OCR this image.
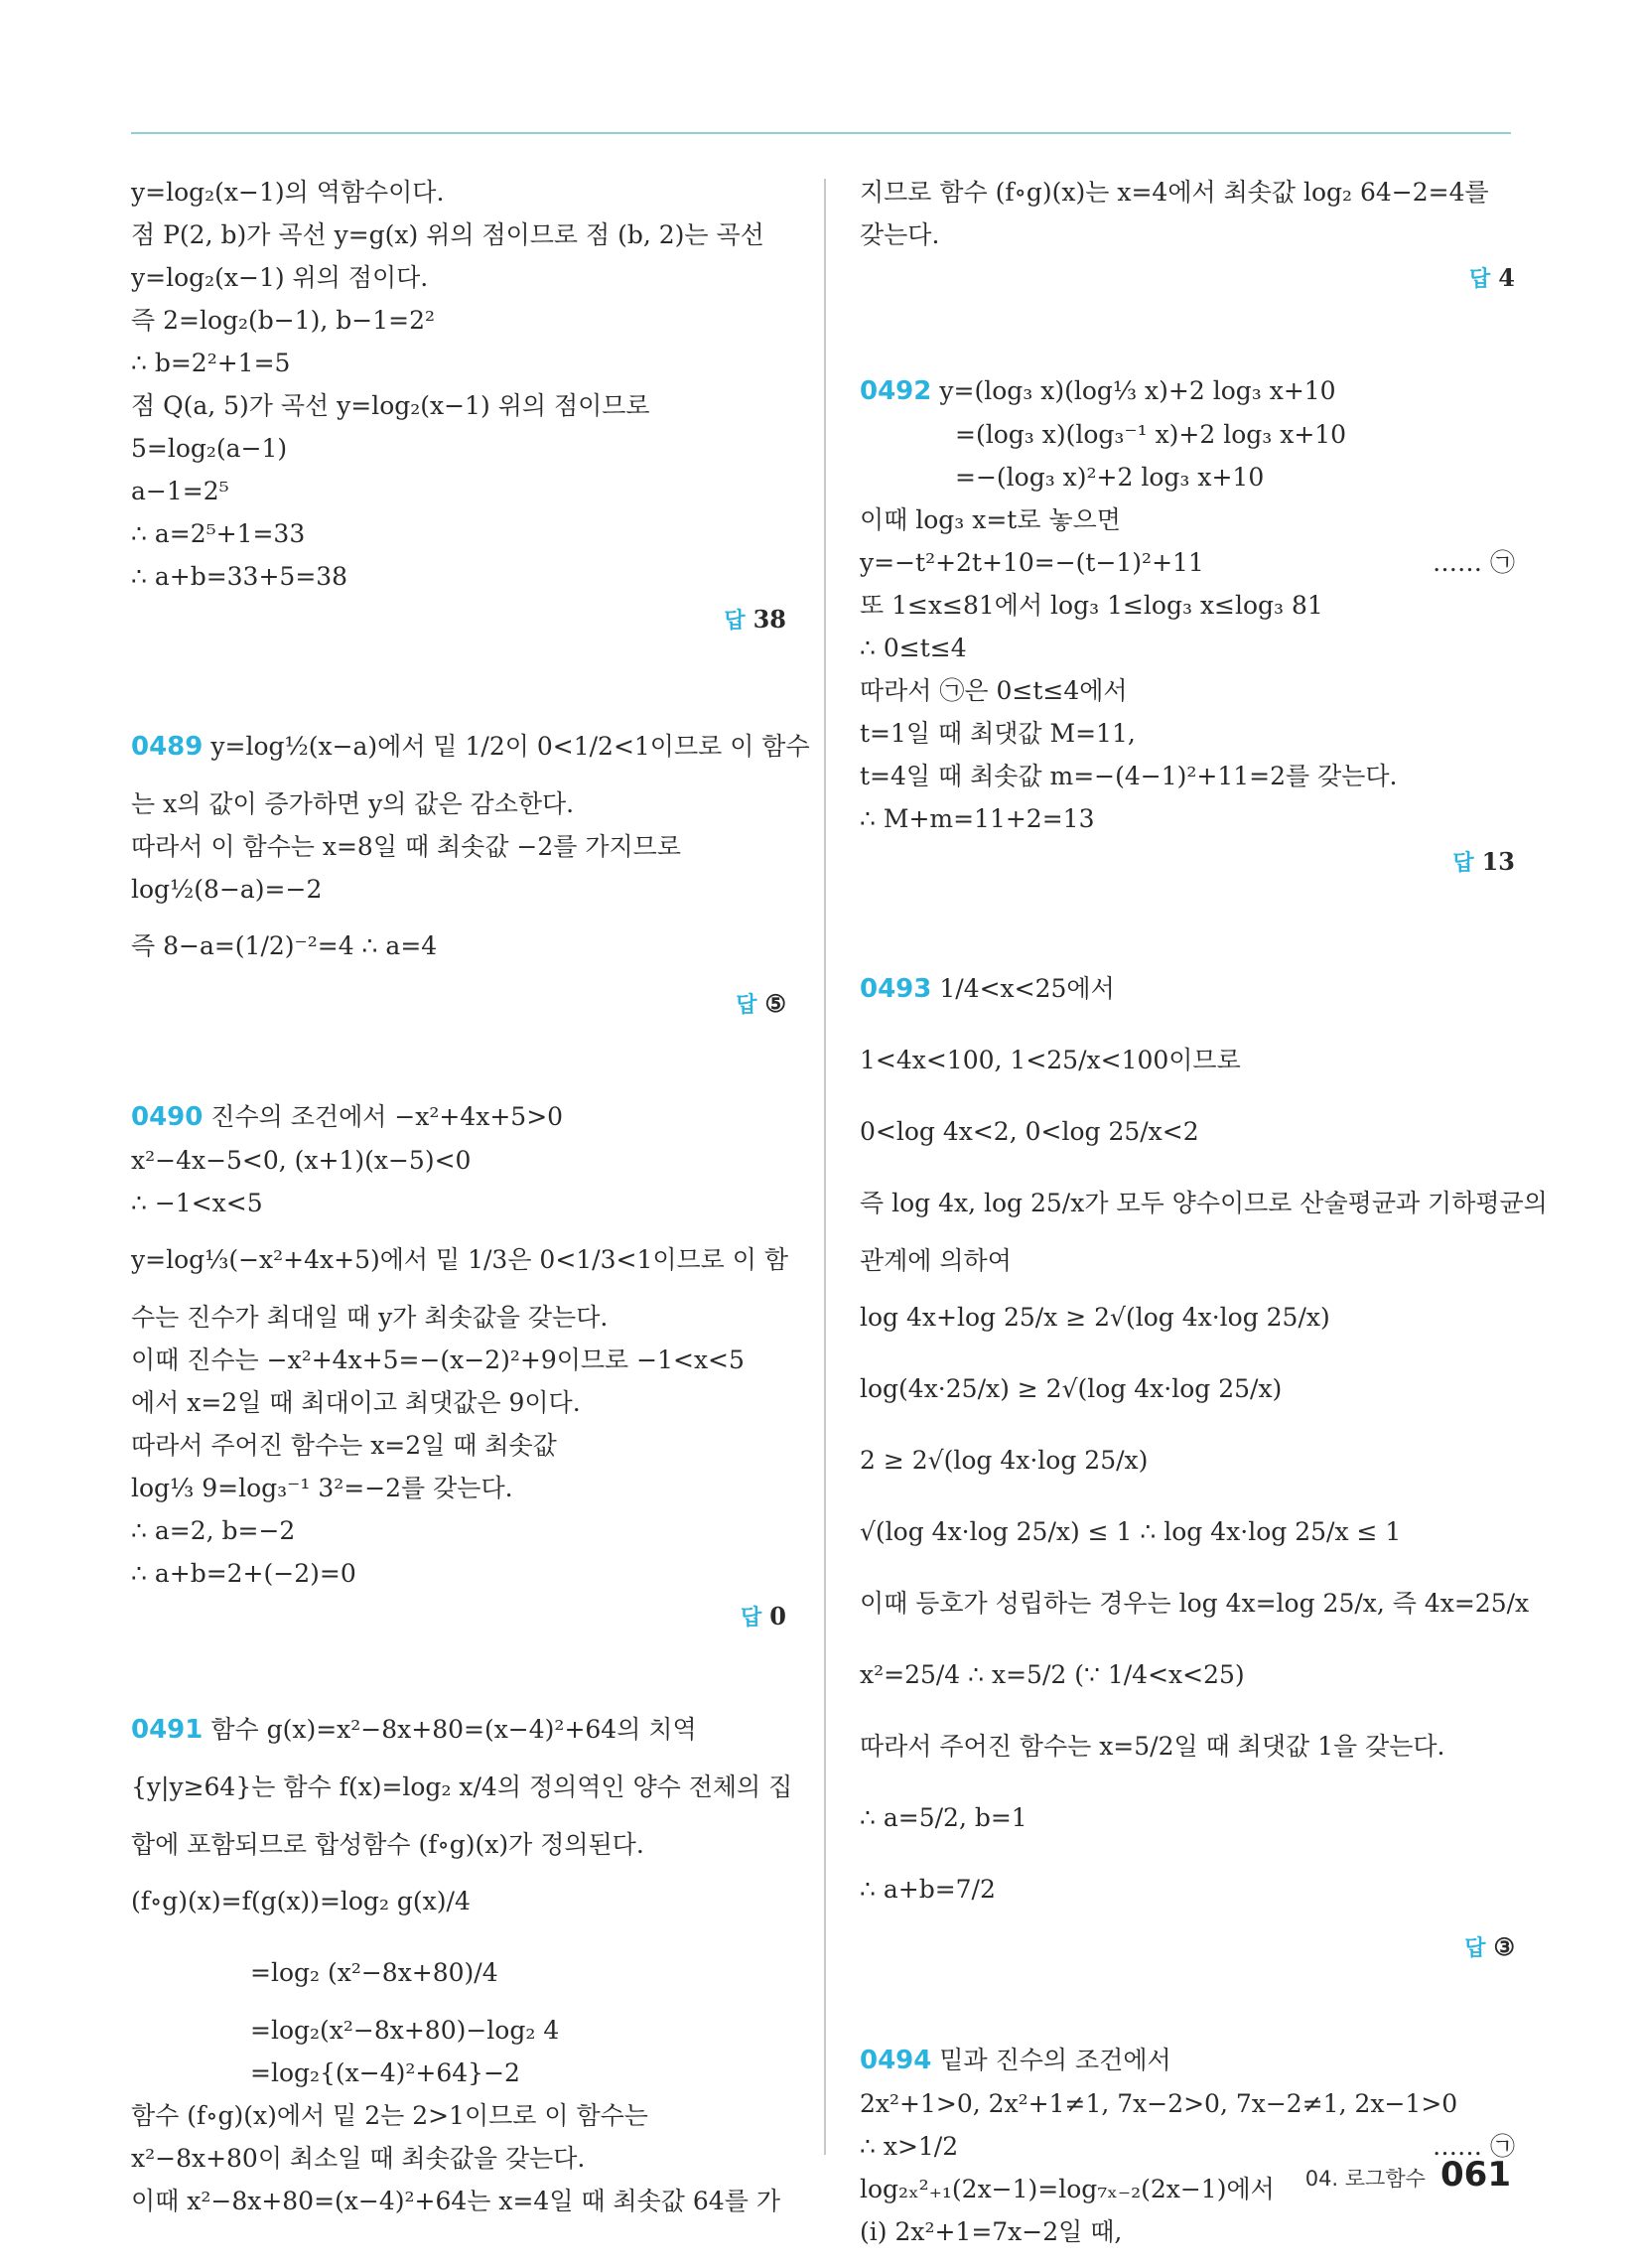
y=log₂(x−1)의 역함수이다.
점 P(2, b)가 곡선 y=g(x) 위의 점이므로 점 (b, 2)는 곡선
y=log₂(x−1) 위의 점이다.
즉 2=log₂(b−1), b−1=2²
∴ b=2²+1=5
점 Q(a, 5)가 곡선 y=log₂(x−1) 위의 점이므로
5=log₂(a−1)
a−1=2⁵
∴ a=2⁵+1=33
∴ a+b=33+5=38
답 38
0489 y=log½(x−a)에서 밑 1/2이 0<1/2<1이므로 이 함수
는 x의 값이 증가하면 y의 값은 감소한다.
따라서 이 함수는 x=8일 때 최솟값 −2를 가지므로
log½(8−a)=−2
즉 8−a=(1/2)⁻²=4 ∴ a=4
답 ⑤
0490 진수의 조건에서 −x²+4x+5>0
x²−4x−5<0, (x+1)(x−5)<0
∴ −1<x<5
y=log⅓(−x²+4x+5)에서 밑 1/3은 0<1/3<1이므로 이 함
수는 진수가 최대일 때 y가 최솟값을 갖는다.
이때 진수는 −x²+4x+5=−(x−2)²+9이므로 −1<x<5
에서 x=2일 때 최대이고 최댓값은 9이다.
따라서 주어진 함수는 x=2일 때 최솟값
log⅓ 9=log₃⁻¹ 3²=−2를 갖는다.
∴ a=2, b=−2
∴ a+b=2+(−2)=0
답 0
0491 함수 g(x)=x²−8x+80=(x−4)²+64의 치역
{y|y≥64}는 함수 f(x)=log₂ x/4의 정의역인 양수 전체의 집
합에 포함되므로 합성함수 (f∘g)(x)가 정의된다.
(f∘g)(x)=f(g(x))=log₂ g(x)/4
=log₂ (x²−8x+80)/4
=log₂(x²−8x+80)−log₂ 4
=log₂{(x−4)²+64}−2
함수 (f∘g)(x)에서 밑 2는 2>1이므로 이 함수는
x²−8x+80이 최소일 때 최솟값을 갖는다.
이때 x²−8x+80=(x−4)²+64는 x=4일 때 최솟값 64를 가
지므로 함수 (f∘g)(x)는 x=4에서 최솟값 log₂ 64−2=4를
갖는다.
답 4
0492 y=(log₃ x)(log⅓ x)+2 log₃ x+10
=(log₃ x)(log₃⁻¹ x)+2 log₃ x+10
=−(log₃ x)²+2 log₃ x+10
이때 log₃ x=t로 놓으면
y=−t²+2t+10=−(t−1)²+11	…… ㉠
또 1≤x≤81에서 log₃ 1≤log₃ x≤log₃ 81
∴ 0≤t≤4
따라서 ㉠은 0≤t≤4에서
t=1일 때 최댓값 M=11,
t=4일 때 최솟값 m=−(4−1)²+11=2를 갖는다.
∴ M+m=11+2=13
답 13
0493 1/4<x<25에서
1<4x<100, 1<25/x<100이므로
0<log 4x<2, 0<log 25/x<2
즉 log 4x, log 25/x가 모두 양수이므로 산술평균과 기하평균의
관계에 의하여
log 4x+log 25/x ≥ 2√(log 4x·log 25/x)
log(4x·25/x) ≥ 2√(log 4x·log 25/x)
2 ≥ 2√(log 4x·log 25/x)
√(log 4x·log 25/x) ≤ 1 ∴ log 4x·log 25/x ≤ 1
이때 등호가 성립하는 경우는 log 4x=log 25/x, 즉 4x=25/x
x²=25/4 ∴ x=5/2 (∵ 1/4<x<25)
따라서 주어진 함수는 x=5/2일 때 최댓값 1을 갖는다.
∴ a=5/2, b=1
∴ a+b=7/2
답 ③
0494 밑과 진수의 조건에서
2x²+1>0, 2x²+1≠1, 7x−2>0, 7x−2≠1, 2x−1>0
∴ x>1/2	…… ㉠
log₂ₓ²₊₁(2x−1)=log₇ₓ₋₂(2x−1)에서
(i) 2x²+1=7x−2일 때,
04. 로그함수 061
